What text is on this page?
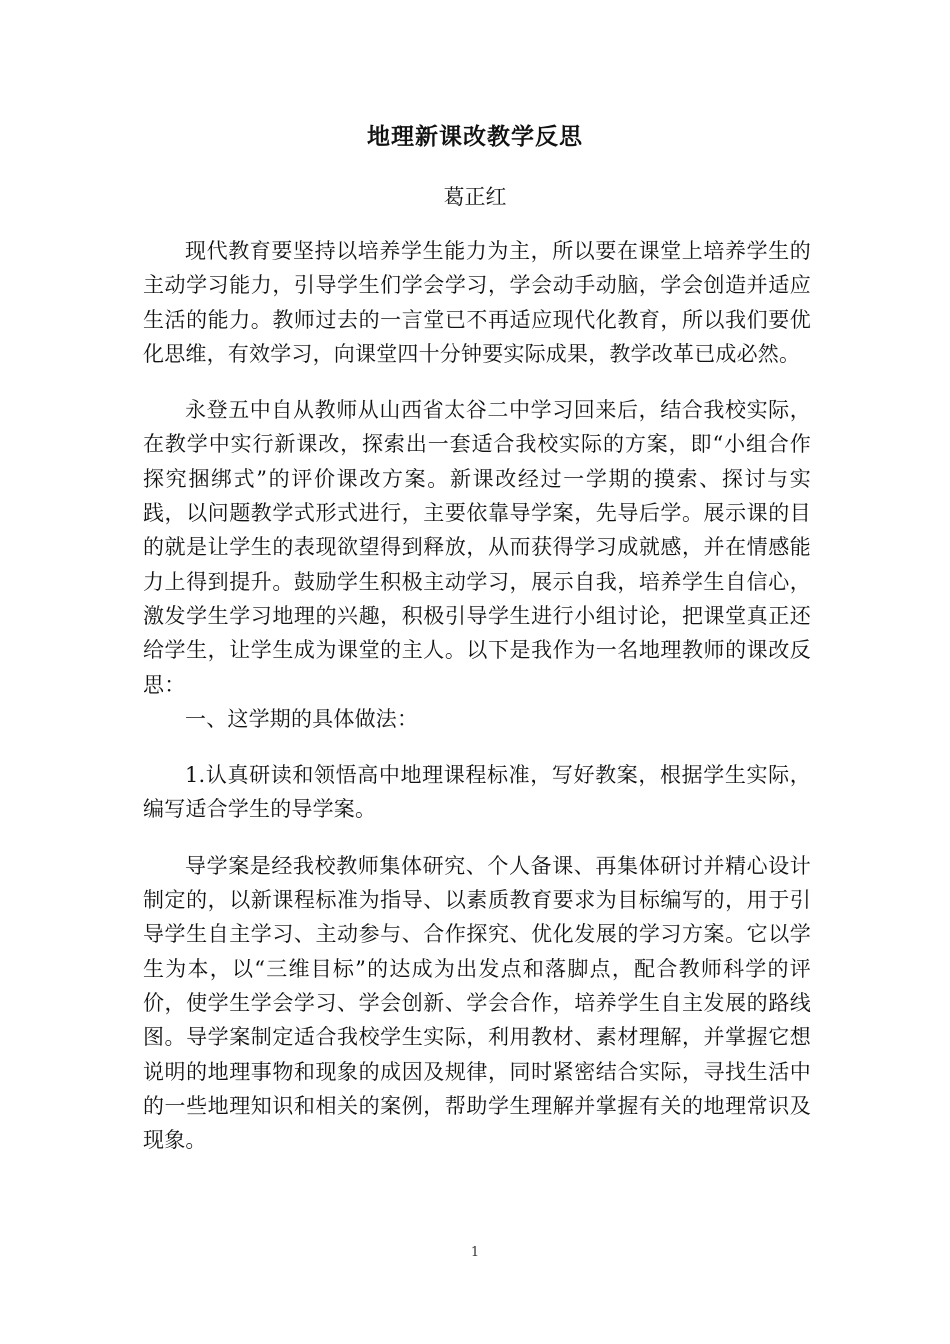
地理新课改教学反思
葛正红

现代教育要坚持以培养学生能力为主，所以要在课堂上培养学生的主动学习能力，引导学生们学会学习，学会动手动脑，学会创造并适应生活的能力。教师过去的一言堂已不再适应现代化教育，所以我们要优化思维，有效学习，向课堂四十分钟要实际成果，教学改革已成必然。

永登五中自从教师从山西省太谷二中学习回来后，结合我校实际，在教学中实行新课改，探索出一套适合我校实际的方案，即“小组合作探究捆绑式”的评价课改方案。新课改经过一学期的摸索、探讨与实践，以问题教学式形式进行，主要依靠导学案，先导后学。展示课的目的就是让学生的表现欲望得到释放，从而获得学习成就感，并在情感能力上得到提升。鼓励学生积极主动学习，展示自我，培养学生自信心，激发学生学习地理的兴趣，积极引导学生进行小组讨论，把课堂真正还给学生，让学生成为课堂的主人。以下是我作为一名地理教师的课改反思：

一、这学期的具体做法：

1.认真研读和领悟高中地理课程标准，写好教案，根据学生实际，编写适合学生的导学案。

导学案是经我校教师集体研究、个人备课、再集体研讨并精心设计制定的，以新课程标准为指导、以素质教育要求为目标编写的，用于引导学生自主学习、主动参与、合作探究、优化发展的学习方案。它以学生为本，以“三维目标”的达成为出发点和落脚点，配合教师科学的评价，使学生学会学习、学会创新、学会合作，培养学生自主发展的路线图。导学案制定适合我校学生实际，利用教材、素材理解，并掌握它想说明的地理事物和现象的成因及规律，同时紧密结合实际，寻找生活中的一些地理知识和相关的案例，帮助学生理解并掌握有关的地理常识及现象。

1
